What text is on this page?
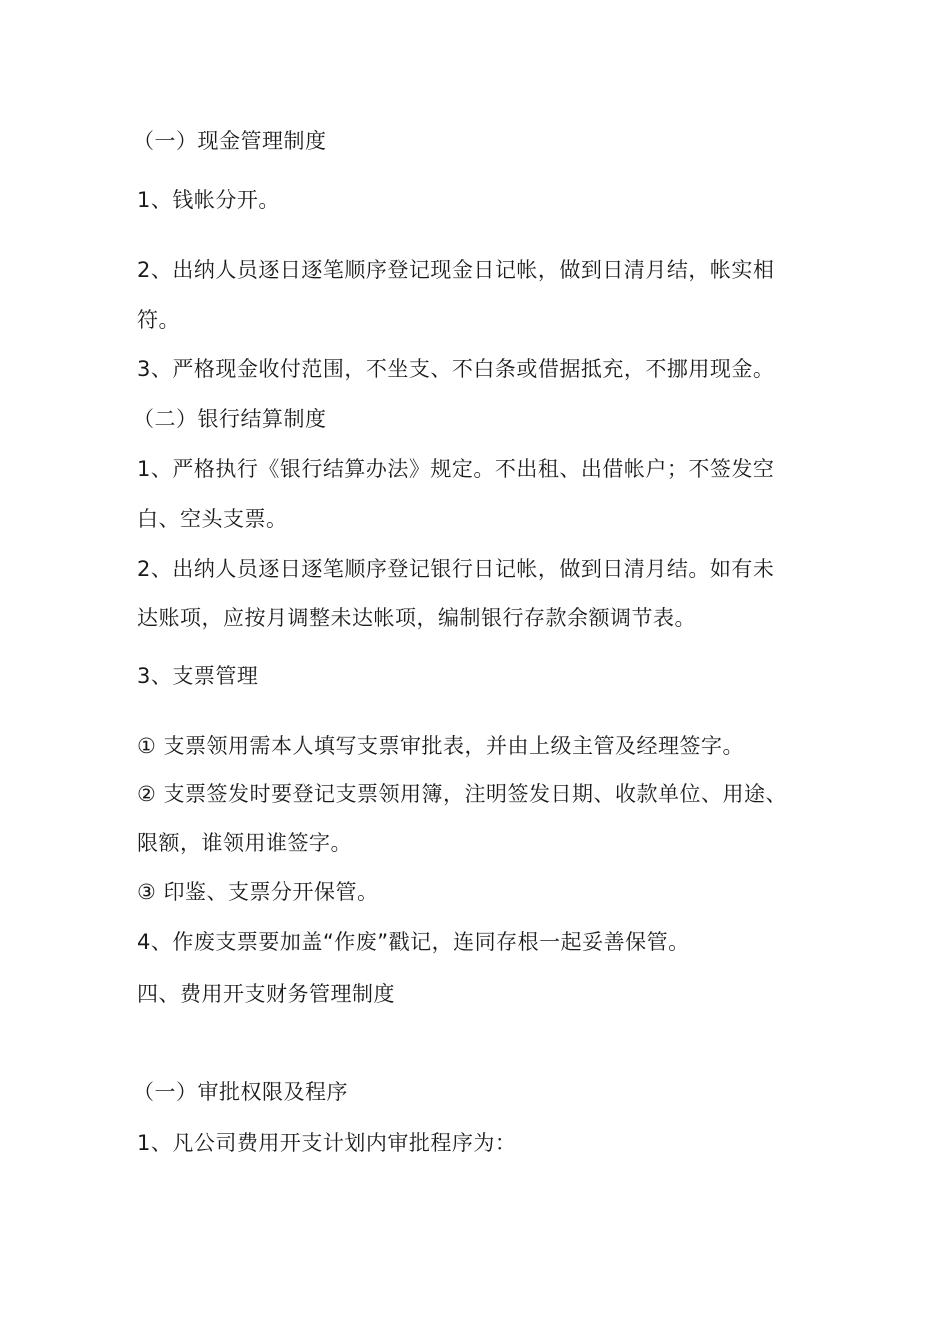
（一）现金管理制度
1、钱帐分开。
2、出纳人员逐日逐笔顺序登记现金日记帐，做到日清月结，帐实相
符。
3、严格现金收付范围，不坐支、不白条或借据抵充，不挪用现金。
（二）银行结算制度
1、严格执行《银行结算办法》规定。不出租、出借帐户；不签发空
白、空头支票。
2、出纳人员逐日逐笔顺序登记银行日记帐，做到日清月结。如有未
达账项，应按月调整未达帐项，编制银行存款余额调节表。
3、支票管理
① 支票领用需本人填写支票审批表，并由上级主管及经理签字。
② 支票签发时要登记支票领用簿，注明签发日期、收款单位、用途、
限额，谁领用谁签字。
③ 印鉴、支票分开保管。
4、作废支票要加盖“作废”戳记，连同存根一起妥善保管。
四、费用开支财务管理制度
（一）审批权限及程序
1、凡公司费用开支计划内审批程序为：
